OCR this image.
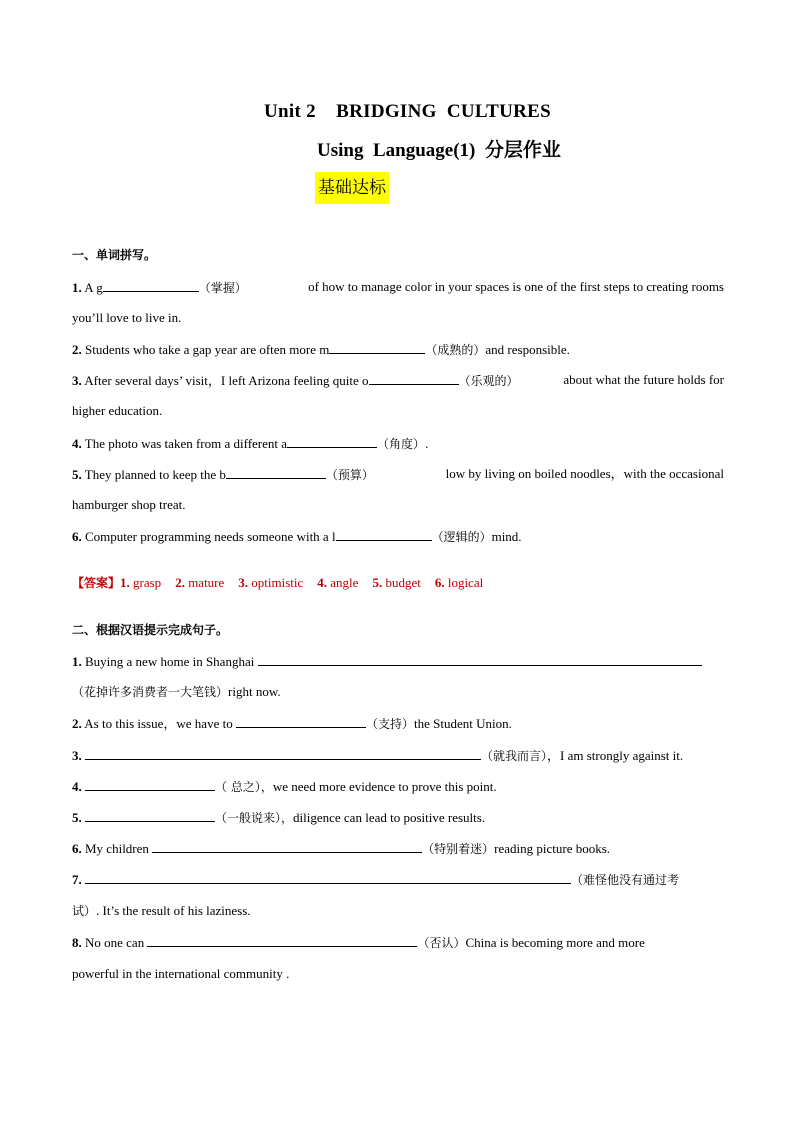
Unit 2    BRIDGING  CULTURES
Using  Language(1)  分层作业
基础达标
一、单词拼写。
1. A g	（掌握）	of how to manage color in your spaces is one of the first steps to creating rooms
you’ll love to live in.
2. Students who take a gap year are often more m	（成熟的）and responsible.
3. After several days’ visit，I left Arizona feeling quite o	（乐观的）	about what the future holds for
higher education.
4. The photo was taken from a different a	（角度）.
5. They planned to keep the b	（预算）	low by living on boiled noodles，with the occasional
hamburger shop treat.
6. Computer programming needs someone with a l	（逻辑的）mind.
【答案】1. grasp 2. mature 3. optimistic 4. angle 5. budget 6. logical
二、根据汉语提示完成句子。
1. Buying a new home in Shanghai
（花掉许多消费者一大笔钱）right now.
2. As to this issue，we have to	（支持）the Student Union.
3.	（就我而言），I am strongly against it.
4.	（ 总之），we need more evidence to prove this point.
5.	（一般说来），diligence can lead to positive results.
6. My children	（特别着迷）reading picture books.
7.	（难怪他没有通过考
试）. It’s the result of his laziness.
8. No one can	（否认）China is becoming more and more
powerful in the international community .
